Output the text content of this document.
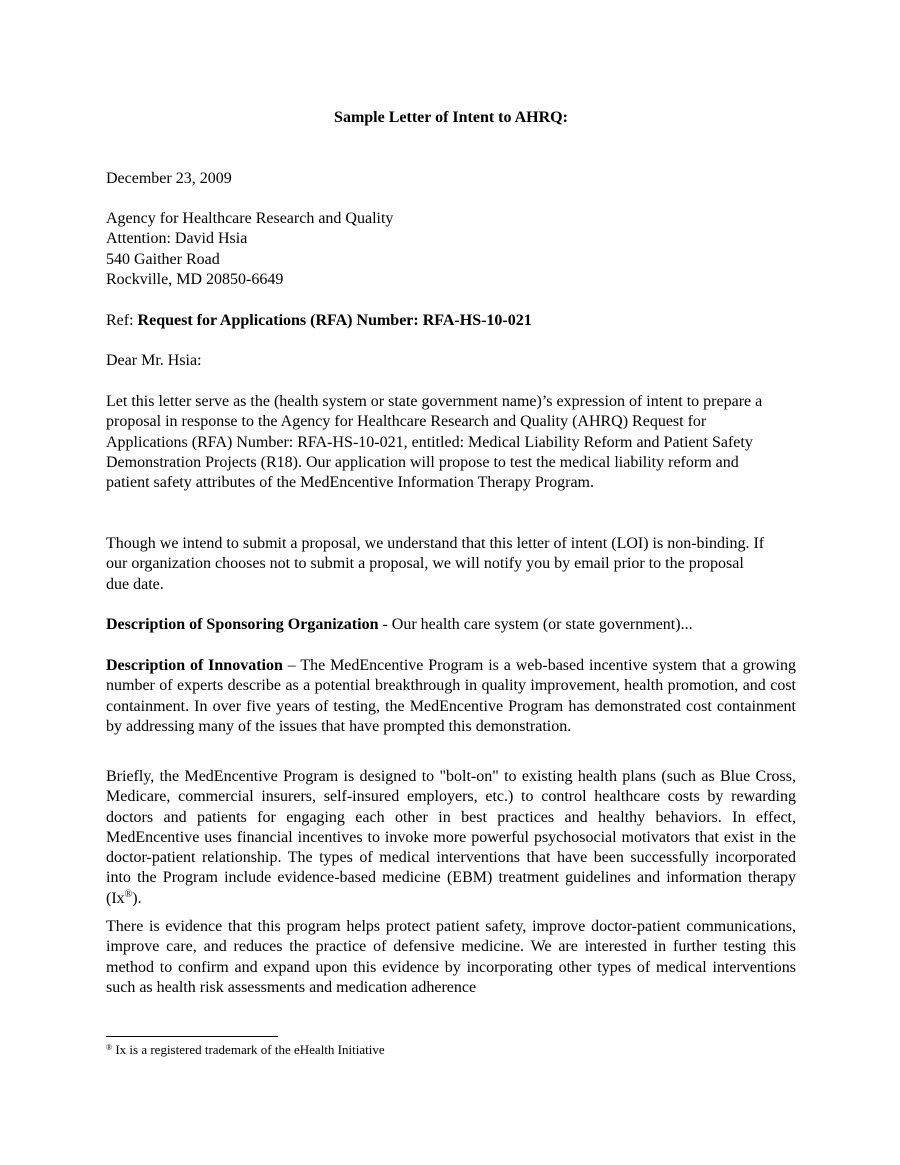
Sample Letter of Intent to AHRQ:

December 23, 2009

Agency for Healthcare Research and Quality
Attention: David Hsia
540 Gaither Road
Rockville, MD 20850-6649

Ref: Request for Applications (RFA) Number: RFA-HS-10-021

Dear Mr. Hsia:

Let this letter serve as the (health system or state government name)’s expression of intent to prepare a proposal in response to the Agency for Healthcare Research and Quality (AHRQ) Request for Applications (RFA) Number: RFA-HS-10-021, entitled: Medical Liability Reform and Patient Safety Demonstration Projects (R18). Our application will propose to test the medical liability reform and patient safety attributes of the MedEncentive Information Therapy Program.

Though we intend to submit a proposal, we understand that this letter of intent (LOI) is non-binding. If our organization chooses not to submit a proposal, we will notify you by email prior to the proposal due date.

Description of Sponsoring Organization - Our health care system (or state government)...

Description of Innovation – The MedEncentive Program is a web-based incentive system that a growing number of experts describe as a potential breakthrough in quality improvement, health promotion, and cost containment. In over five years of testing, the MedEncentive Program has demonstrated cost containment by addressing many of the issues that have prompted this demonstration.

Briefly, the MedEncentive Program is designed to "bolt-on" to existing health plans (such as Blue Cross, Medicare, commercial insurers, self-insured employers, etc.) to control healthcare costs by rewarding doctors and patients for engaging each other in best practices and healthy behaviors. In effect, MedEncentive uses financial incentives to invoke more powerful psychosocial motivators that exist in the doctor-patient relationship. The types of medical interventions that have been successfully incorporated into the Program include evidence-based medicine (EBM) treatment guidelines and information therapy (Ix®).

There is evidence that this program helps protect patient safety, improve doctor-patient communications, improve care, and reduces the practice of defensive medicine. We are interested in further testing this method to confirm and expand upon this evidence by incorporating other types of medical interventions such as health risk assessments and medication adherence

® Ix is a registered trademark of the eHealth Initiative
